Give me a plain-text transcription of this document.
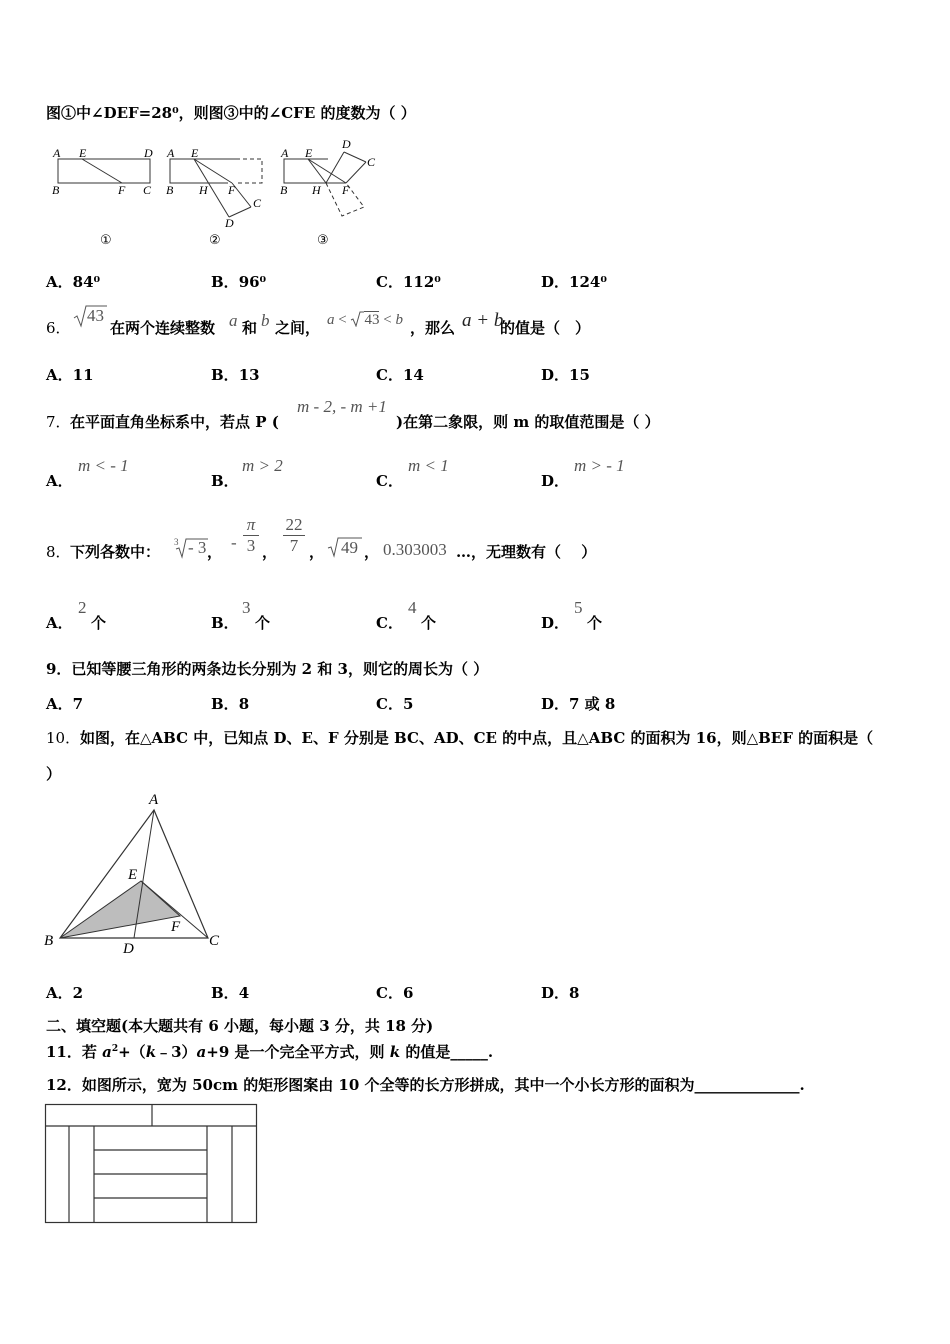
图①中∠DEF=28⁰，则图③中的∠CFE 的度数为（ ）
A E	D
B	F C
①
A E
B H F
D
C
②
A E
D
C
B H F
③
A．84⁰	B．96⁰	C．112⁰	D．124⁰
6．
43
在两个连续整数 a 和 b 之间， a < 43 < b ，那么 a + b
的值是（　）
A．11	B．13	C．14	D．15
7． 在平面直角坐标系中，若点 P (
m - 2, - m +1
)在第二象限，则 m 的取值范围是（ ）
A．
m < - 1
B．
m > 2
C．
m < 1
D．
m > - 1
8． 下列各数中：
3 - 3 ， - $\frac{\pi}{3}$ ， $\frac{22}{7}$ ， 49 ， 0.303003 …，无理数有（　 ）
A．
2
个	B．
3
个	C．
4
个	D．
5
个
9．已知等腰三角形的两条边长分别为 2 和 3，则它的周长为（ ）
A．7	B．8	C．5	D．7 或 8
10． 如图，在△ABC 中，已知点 D、E、F 分别是 BC、AD、CE 的中点，且△ABC 的面积为 16，则△BEF 的面积是（
）
A
E
F
B	D	C
A．2	B．4	C．6	D．8
二、填空题(本大题共有 6 小题，每小题 3 分，共 18 分)
11．若 $a^2+(k﹣3)a+9$ 是一个完全平方式，则 k 的值是_____.
12．如图所示，宽为 50cm 的矩形图案由 10 个全等的长方形拼成，其中一个小长方形的面积为______________.
